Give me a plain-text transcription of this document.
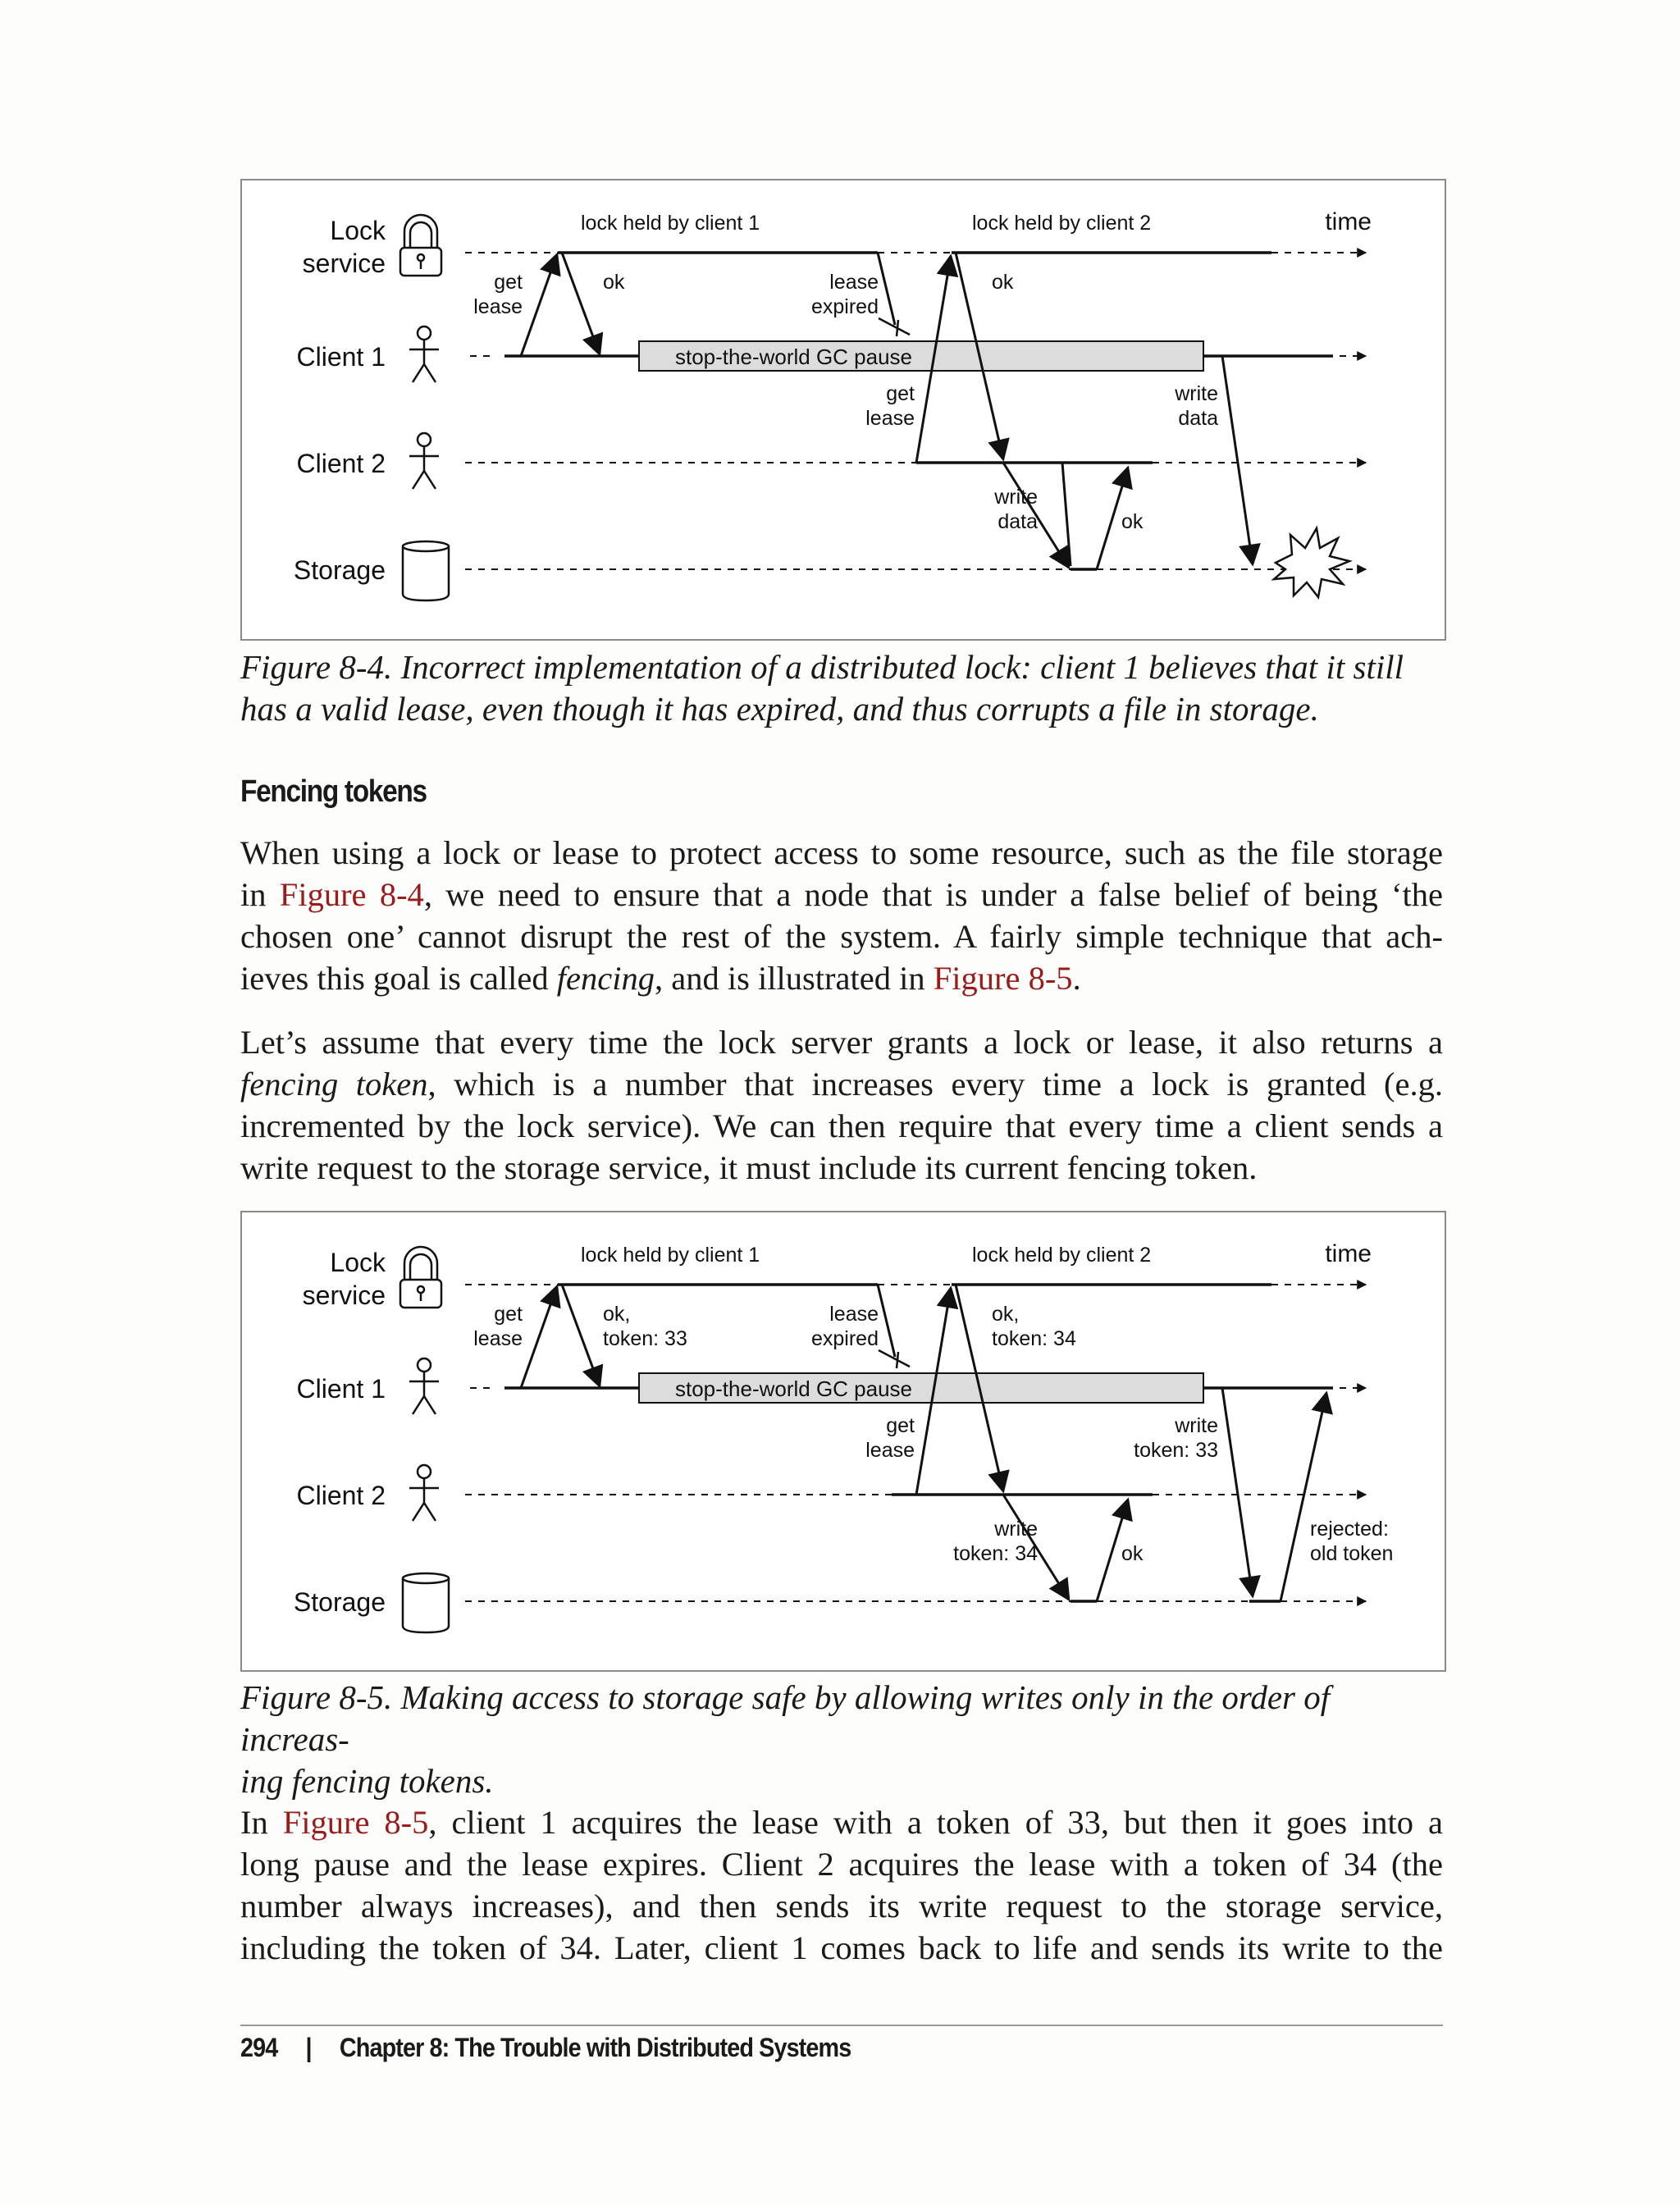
Lock
service
Client 1
Client 2
Storage
stop-the-world GC pause
lock held by client 1	lock held by client 2	time
get
lease
ok	lease
expired
ok
get
lease
write
data
write
data	ok
Figure 8-4. Incorrect implementation of a distributed lock: client 1 believes that it still
has a valid lease, even though it has expired, and thus corrupts a file in storage.
Fencing tokens
When using a lock or lease to protect access to some resource, such as the file storage
in Figure 8-4, we need to ensure that a node that is under a false belief of being ‘the
chosen one’ cannot disrupt the rest of the system. A fairly simple technique that ach-
ieves this goal is called fencing, and is illustrated in Figure 8-5.
Let’s assume that every time the lock server grants a lock or lease, it also returns a
fencing token, which is a number that increases every time a lock is granted (e.g.
incremented by the lock service). We can then require that every time a client sends a
write request to the storage service, it must include its current fencing token.
Lock
service
Client 1
Client 2
Storage
stop-the-world GC pause
lock held by client 1	lock held by client 2	time
get
lease
ok,
token: 33
lease
expired
ok,
token: 34
get
lease
write
token: 33
write
token: 34	ok
rejected:
old token
Figure 8-5. Making access to storage safe by allowing writes only in the order of increas-
ing fencing tokens.
In Figure 8-5, client 1 acquires the lease with a token of 33, but then it goes into a
long pause and the lease expires. Client 2 acquires the lease with a token of 34 (the
number always increases), and then sends its write request to the storage service,
including the token of 34. Later, client 1 comes back to life and sends its write to the
294 | Chapter 8: The Trouble with Distributed Systems
